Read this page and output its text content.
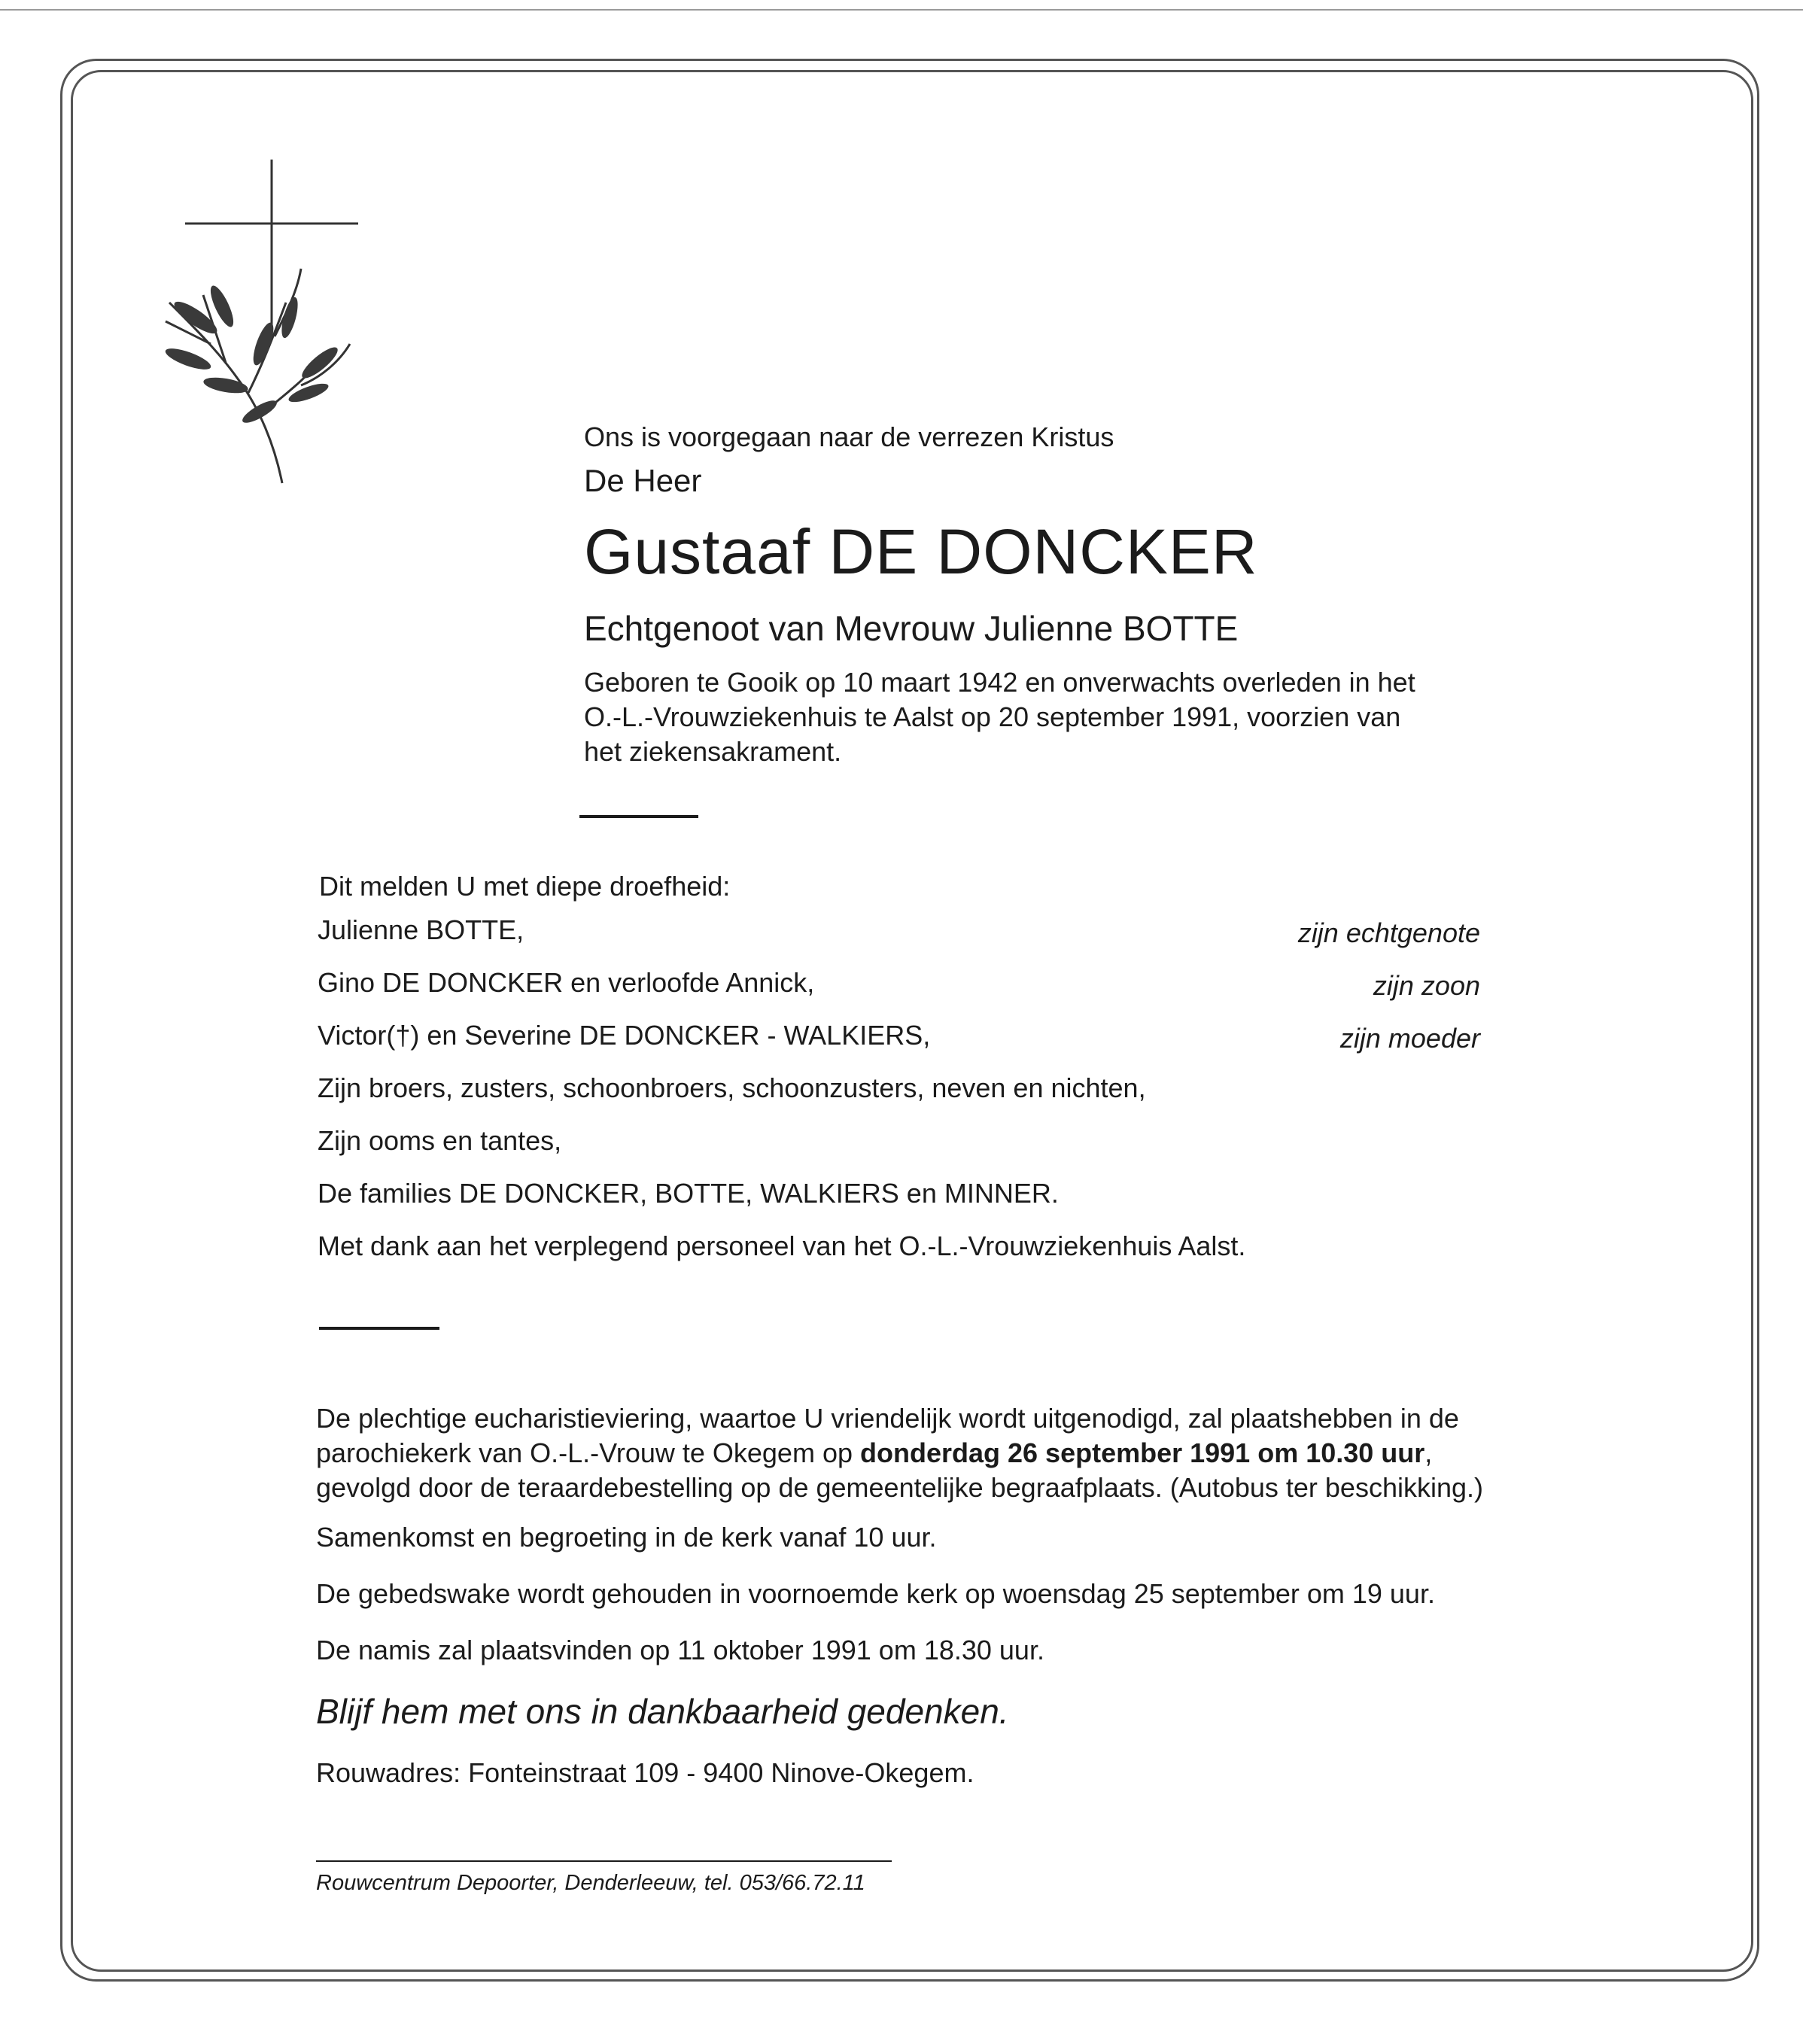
Ons is voorgegaan naar de verrezen Kristus
De Heer
Gustaaf DE DONCKER
Echtgenoot van Mevrouw Julienne BOTTE
Geboren te Gooik op 10 maart 1942 en onverwachts overleden in het O.-L.-Vrouwziekenhuis te Aalst op 20 september 1991, voorzien van het ziekensakrament.
Dit melden U met diepe droefheid:
Julienne BOTTE,	zijn echtgenote
Gino DE DONCKER en verloofde Annick,	zijn zoon
Victor(†) en Severine DE DONCKER - WALKIERS,	zijn moeder
Zijn broers, zusters, schoonbroers, schoonzusters, neven en nichten,
Zijn ooms en tantes,
De families DE DONCKER, BOTTE, WALKIERS en MINNER.
Met dank aan het verplegend personeel van het O.-L.-Vrouwziekenhuis Aalst.
De plechtige eucharistieviering, waartoe U vriendelijk wordt uitgenodigd, zal plaatshebben in de parochiekerk van O.-L.-Vrouw te Okegem op donderdag 26 september 1991 om 10.30 uur, gevolgd door de teraardebestelling op de gemeentelijke begraafplaats. (Autobus ter beschikking.)
Samenkomst en begroeting in de kerk vanaf 10 uur.
De gebedswake wordt gehouden in voornoemde kerk op woensdag 25 september om 19 uur.
De namis zal plaatsvinden op 11 oktober 1991 om 18.30 uur.
Blijf hem met ons in dankbaarheid gedenken.
Rouwadres: Fonteinstraat 109 - 9400 Ninove-Okegem.
Rouwcentrum Depoorter, Denderleeuw, tel. 053/66.72.11
